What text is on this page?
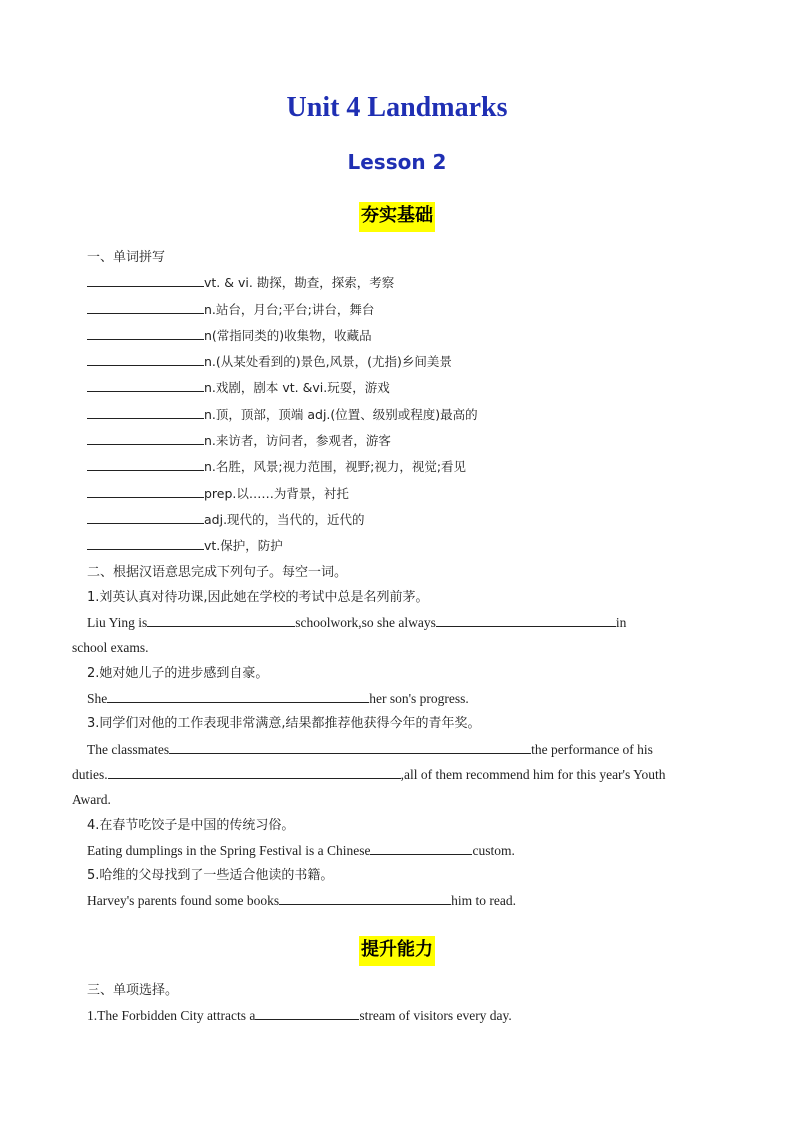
Unit 4 Landmarks
Lesson 2
夯实基础
一、单词拼写
vt. & vi. 勘探，勘查，探索，考察
n.站台，月台;平台;讲台，舞台
n(常指同类的)收集物，收藏品
n.(从某处看到的)景色,风景，(尤指)乡间美景
n.戏剧，剧本 vt. &vi.玩耍，游戏
n.顶，顶部，顶端 adj.(位置、级别或程度)最高的
n.来访者，访问者，参观者，游客
n.名胜，风景;视力范围，视野;视力，视觉;看见
prep.以……为背景，衬托
adj.现代的，当代的，近代的
vt.保护，防护
二、根据汉语意思完成下列句子。每空一词。
1.刘英认真对待功课,因此她在学校的考试中总是名列前茅。
Liu Ying is	schoolwork,so she always	in
school exams.
2.她对她儿子的进步感到自豪。
She	her son's progress.
3.同学们对他的工作表现非常满意,结果都推荐他获得今年的青年奖。
The classmates	the performance of his
duties.	,all of them recommend him for this year's Youth
Award.
4.在春节吃饺子是中国的传统习俗。
Eating dumplings in the Spring Festival is a Chinese	custom.
5.哈维的父母找到了一些适合他读的书籍。
Harvey's parents found some books	him to read.
提升能力
三、单项选择。
1.The Forbidden City attracts a	stream of visitors every day.
